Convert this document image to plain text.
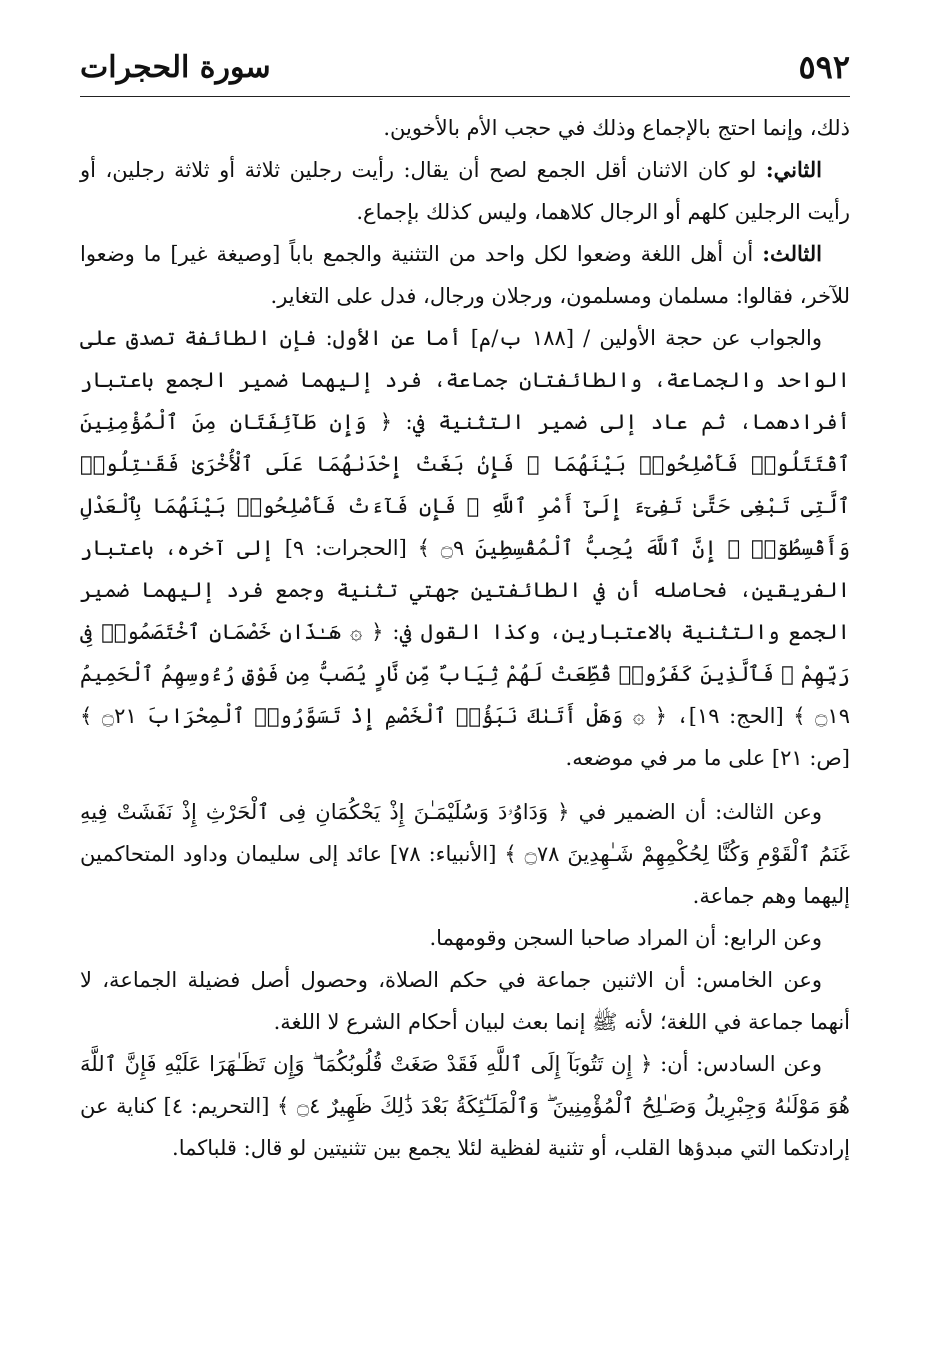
٥٩٢
سورة الحجرات

ذلك، وإنما احتج بالإجماع وذلك في حجب الأم بالأخوين.

الثاني: لو كان الاثنان أقل الجمع لصح أن يقال: رأيت رجلين ثلاثة أو ثلاثة رجلين، أو رأيت الرجلين كلهم أو الرجال كلاهما، وليس كذلك بإجماع.

الثالث: أن أهل اللغة وضعوا لكل واحد من التثنية والجمع باباً [وصيغة غير] ما وضعوا للآخر، فقالوا: مسلمان ومسلمون، ورجلان ورجال، فدل على التغاير.

والجواب عن حجة الأولين / [١٨٨ ب/م] أما عن الأول: فإن الطائفة تصدق على الواحد والجماعة، والطائفتان جماعة، فرد إليهما ضمير الجمع باعتبار أفرادهما، ثم عاد إلى ضمير التثنية في: ﴿ وَإِن طَآئِفَتَانِ مِنَ ٱلْمُؤْمِنِينَ ٱقْتَتَلُوا۟ فَأَصْلِحُوا۟ بَيْنَهُمَا ۖ فَإِنۢ بَغَتْ إِحْدَىٰهُمَا عَلَى ٱلْأُخْرَىٰ فَقَـٰتِلُوا۟ ٱلَّتِى تَبْغِى حَتَّىٰ تَفِىٓءَ إِلَىٰٓ أَمْرِ ٱللَّهِ ۚ فَإِن فَآءَتْ فَأَصْلِحُوا۟ بَيْنَهُمَا بِٱلْعَدْلِ وَأَقْسِطُوٓا۟ ۖ إِنَّ ٱللَّهَ يُحِبُّ ٱلْمُقْسِطِينَ ۝٩ ﴾ [الحجرات: ٩] إلى آخره، باعتبار الفريقين، فحاصله أن في الطائفتين جهتي تثنية وجمع فرد إليهما ضمير الجمع والتثنية بالاعتبارين، وكذا القول في: ﴿ ۞ هَـٰذَانِ خَصْمَانِ ٱخْتَصَمُوا۟ فِى رَبِّهِمْ ۖ فَٱلَّذِينَ كَفَرُوا۟ قُطِّعَتْ لَهُمْ ثِيَابٌ مِّن نَّارٍ يُصَبُّ مِن فَوْقِ رُءُوسِهِمُ ٱلْحَمِيمُ ۝١٩ ﴾ [الحج: ١٩]، ﴿ ۞ وَهَلْ أَتَىٰكَ نَبَؤُا۟ ٱلْخَصْمِ إِذْ تَسَوَّرُوا۟ ٱلْمِحْرَابَ ۝٢١ ﴾ [ص: ٢١] على ما مر في موضعه.

وعن الثالث: أن الضمير في ﴿ وَدَاوُۥدَ وَسُلَيْمَـٰنَ إِذْ يَحْكُمَانِ فِى ٱلْحَرْثِ إِذْ نَفَشَتْ فِيهِ غَنَمُ ٱلْقَوْمِ وَكُنَّا لِحُكْمِهِمْ شَـٰهِدِينَ ۝٧٨ ﴾ [الأنبياء: ٧٨] عائد إلى سليمان وداود المتحاكمين إليهما وهم جماعة.

وعن الرابع: أن المراد صاحبا السجن وقومهما.

وعن الخامس: أن الاثنين جماعة في حكم الصلاة، وحصول أصل فضيلة الجماعة، لا أنهما جماعة في اللغة؛ لأنه ﷺ إنما بعث لبيان أحكام الشرع لا اللغة.

وعن السادس: أن: ﴿ إِن تَتُوبَآ إِلَى ٱللَّهِ فَقَدْ صَغَتْ قُلُوبُكُمَا ۖ وَإِن تَظَـٰهَرَا عَلَيْهِ فَإِنَّ ٱللَّهَ هُوَ مَوْلَىٰهُ وَجِبْرِيلُ وَصَـٰلِحُ ٱلْمُؤْمِنِينَ ۖ وَٱلْمَلَـٰٓئِكَةُ بَعْدَ ذَٰلِكَ ظَهِيرٌ ۝٤ ﴾ [التحريم: ٤] كناية عن إرادتكما التي مبدؤها القلب، أو تثنية لفظية لئلا يجمع بين تثنيتين لو قال: قلباكما.
